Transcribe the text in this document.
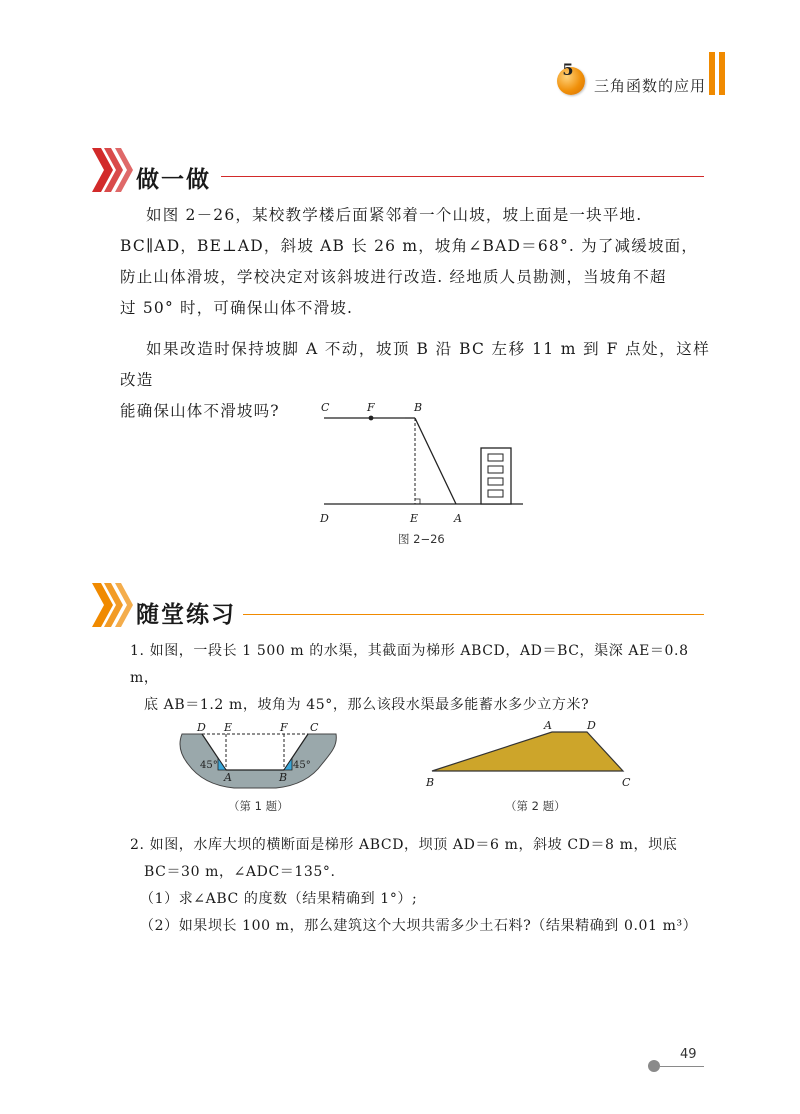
5
三角函数的应用
做一做
如图 2－26，某校教学楼后面紧邻着一个山坡，坡上面是一块平地.
BC∥AD，BE⊥AD，斜坡 AB 长 26 m，坡角∠BAD＝68°. 为了减缓坡面，
防止山体滑坡，学校决定对该斜坡进行改造. 经地质人员勘测，当坡角不超
过 50° 时，可确保山体不滑坡.
如果改造时保持坡脚 A 不动，坡顶 B 沿 BC 左移 11 m 到 F 点处，这样改造
能确保山体不滑坡吗?	C	F	B
D	E	A
图 2−26
随堂练习
1. 如图，一段长 1 500 m 的水渠，其截面为梯形 ABCD，AD＝BC，渠深 AE＝0.8 m，
底 AB＝1.2 m，坡角为 45°，那么该段水渠最多能蓄水多少立方米?
D E	F C
A	B
45°	45°
（第 1 题）
A	D
B	C
（第 2 题）
2. 如图，水库大坝的横断面是梯形 ABCD，坝顶 AD＝6 m，斜坡 CD＝8 m，坝底
BC＝30 m，∠ADC＝135°.
（1）求∠ABC 的度数（结果精确到 1°）;
（2）如果坝长 100 m，那么建筑这个大坝共需多少土石料?（结果精确到 0.01 m³）
49
